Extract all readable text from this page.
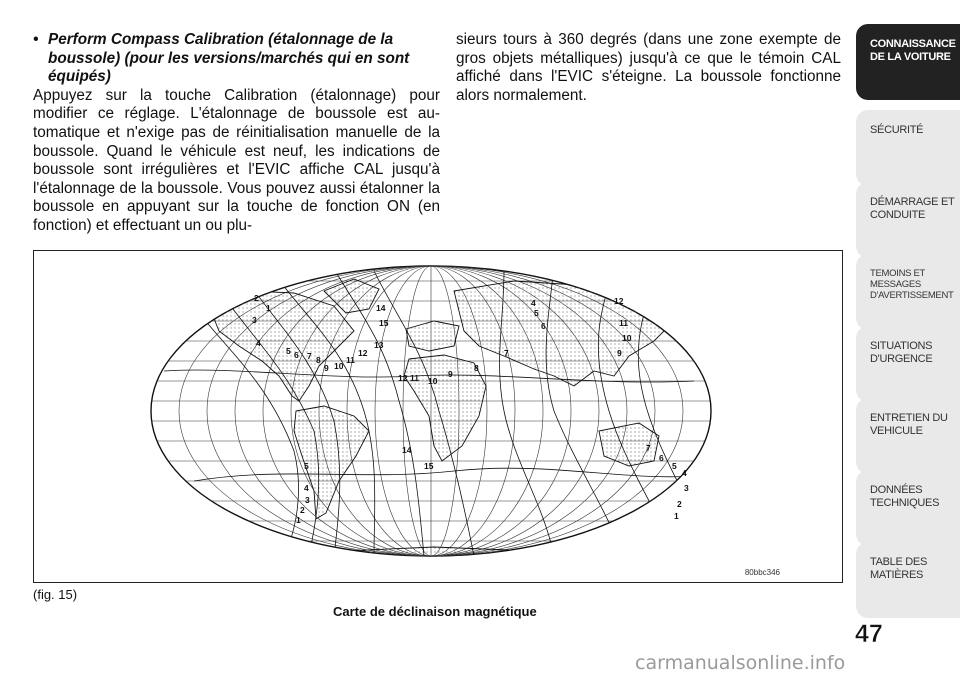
• Perform Compass Calibration (étalonnage de la boussole) (pour les versions/marchés qui en sont équipés)

Appuyez sur la touche Calibration (étalonnage) pour modifier ce réglage. L'étalonnage de boussole est au-tomatique et n'exige pas de réinitialisation manuelle de la boussole. Quand le véhicule est neuf, les indications de boussole sont irrégulières et l'EVIC affiche CAL jusqu'à l'étalonnage de la boussole. Vous pouvez aussi étalonner la boussole en appuyant sur la touche de fonction ON (en fonction) et effectuant un ou plu-

sieurs tours à 360 degrés (dans une zone exempte de gros objets métalliques) jusqu'à ce que le témoin CAL affiché dans l'EVIC s'éteigne. La boussole fonctionne alors normalement.

2
1
3
4
5 6 7 8
9 10
11
12
13
14
15
12 11 10
9
8
7
4
5
6
12
11
10
9
7
6
5
4
3
2
1
5
4
3
2
1
14
15
80bbc346
(fig. 15)
Carte de déclinaison magnétique
CONNAISSANCE DE LA VOITURE
SÉCURITÉ
DÉMARRAGE ET CONDUITE
TEMOINS ET MESSAGES D'AVERTISSEMENT
SITUATIONS D'URGENCE
ENTRETIEN DU VEHICULE
DONNÉES TECHNIQUES
TABLE DES MATIÈRES
47
carmanualsonline.info
